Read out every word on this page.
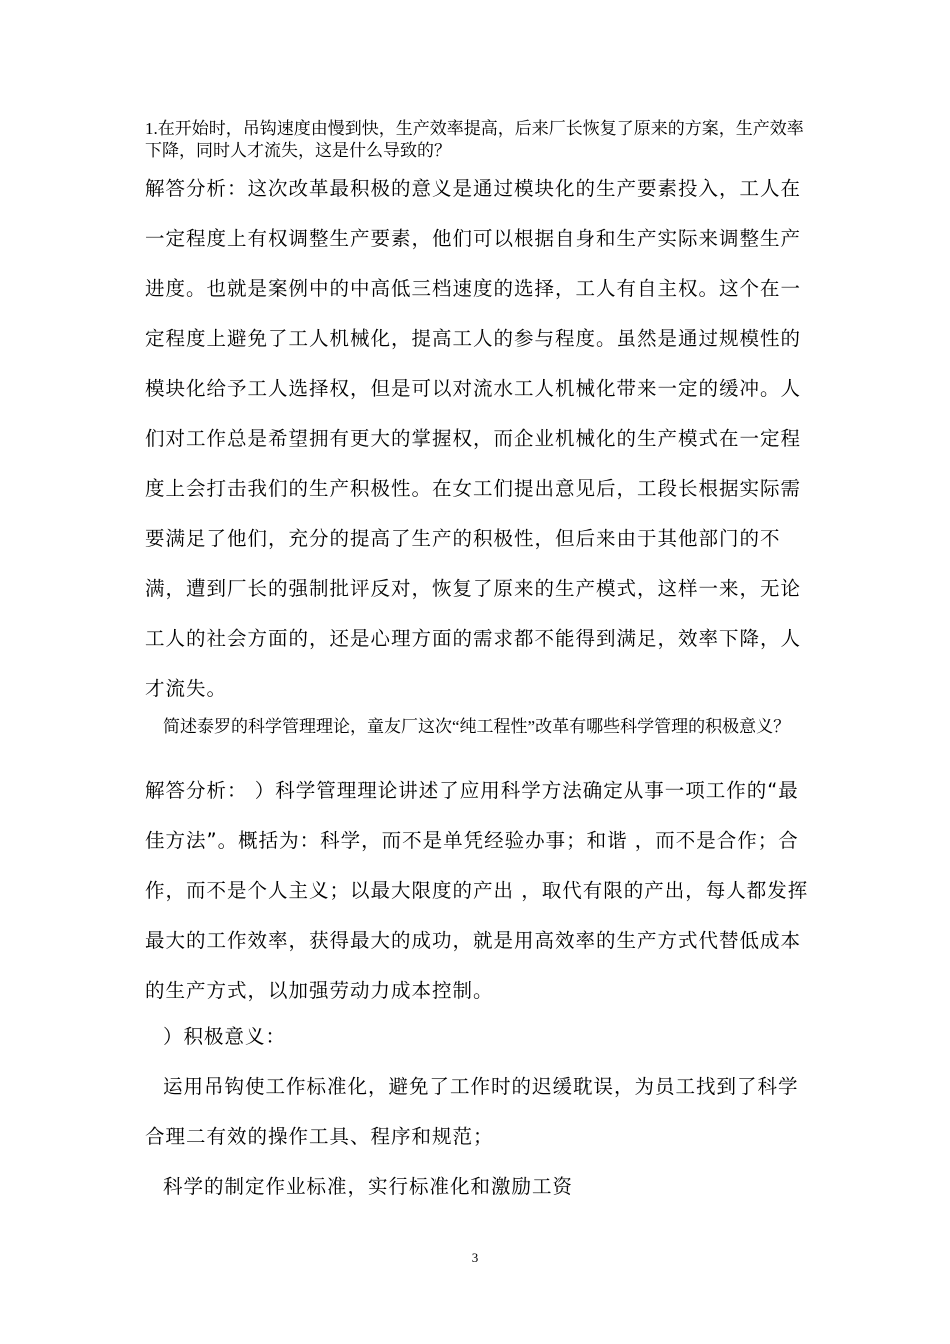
1.在开始时，吊钩速度由慢到快，生产效率提高，后来厂长恢复了原来的方案，生产效率下降，同时人才流失，这是什么导致的？

解答分析：这次改革最积极的意义是通过模块化的生产要素投入，工人在一定程度上有权调整生产要素，他们可以根据自身和生产实际来调整生产进度。也就是案例中的中高低三档速度的选择，工人有自主权。这个在一定程度上避免了工人机械化，提高工人的参与程度。虽然是通过规模性的模块化给予工人选择权，但是可以对流水工人机械化带来一定的缓冲。人们对工作总是希望拥有更大的掌握权，而企业机械化的生产模式在一定程度上会打击我们的生产积极性。在女工们提出意见后，工段长根据实际需要满足了他们，充分的提高了生产的积极性，但后来由于其他部门的不满，遭到厂长的强制批评反对，恢复了原来的生产模式，这样一来，无论工人的社会方面的，还是心理方面的需求都不能得到满足，效率下降，人才流失。

简述泰罗的科学管理理论，童友厂这次“纯工程性”改革有哪些科学管理的积极意义？

解答分析： ）科学管理理论讲述了应用科学方法确定从事一项工作的“最佳方法”。概括为：科学，而不是单凭经验办事；和谐 ，而不是合作；合作，而不是个人主义；以最大限度的产出 ，取代有限的产出，每人都发挥最大的工作效率，获得最大的成功，就是用高效率的生产方式代替低成本的生产方式，以加强劳动力成本控制。

）积极意义：

运用吊钩使工作标准化，避免了工作时的迟缓耽误，为员工找到了科学合理二有效的操作工具、程序和规范；

科学的制定作业标准，实行标准化和激励工资

3
